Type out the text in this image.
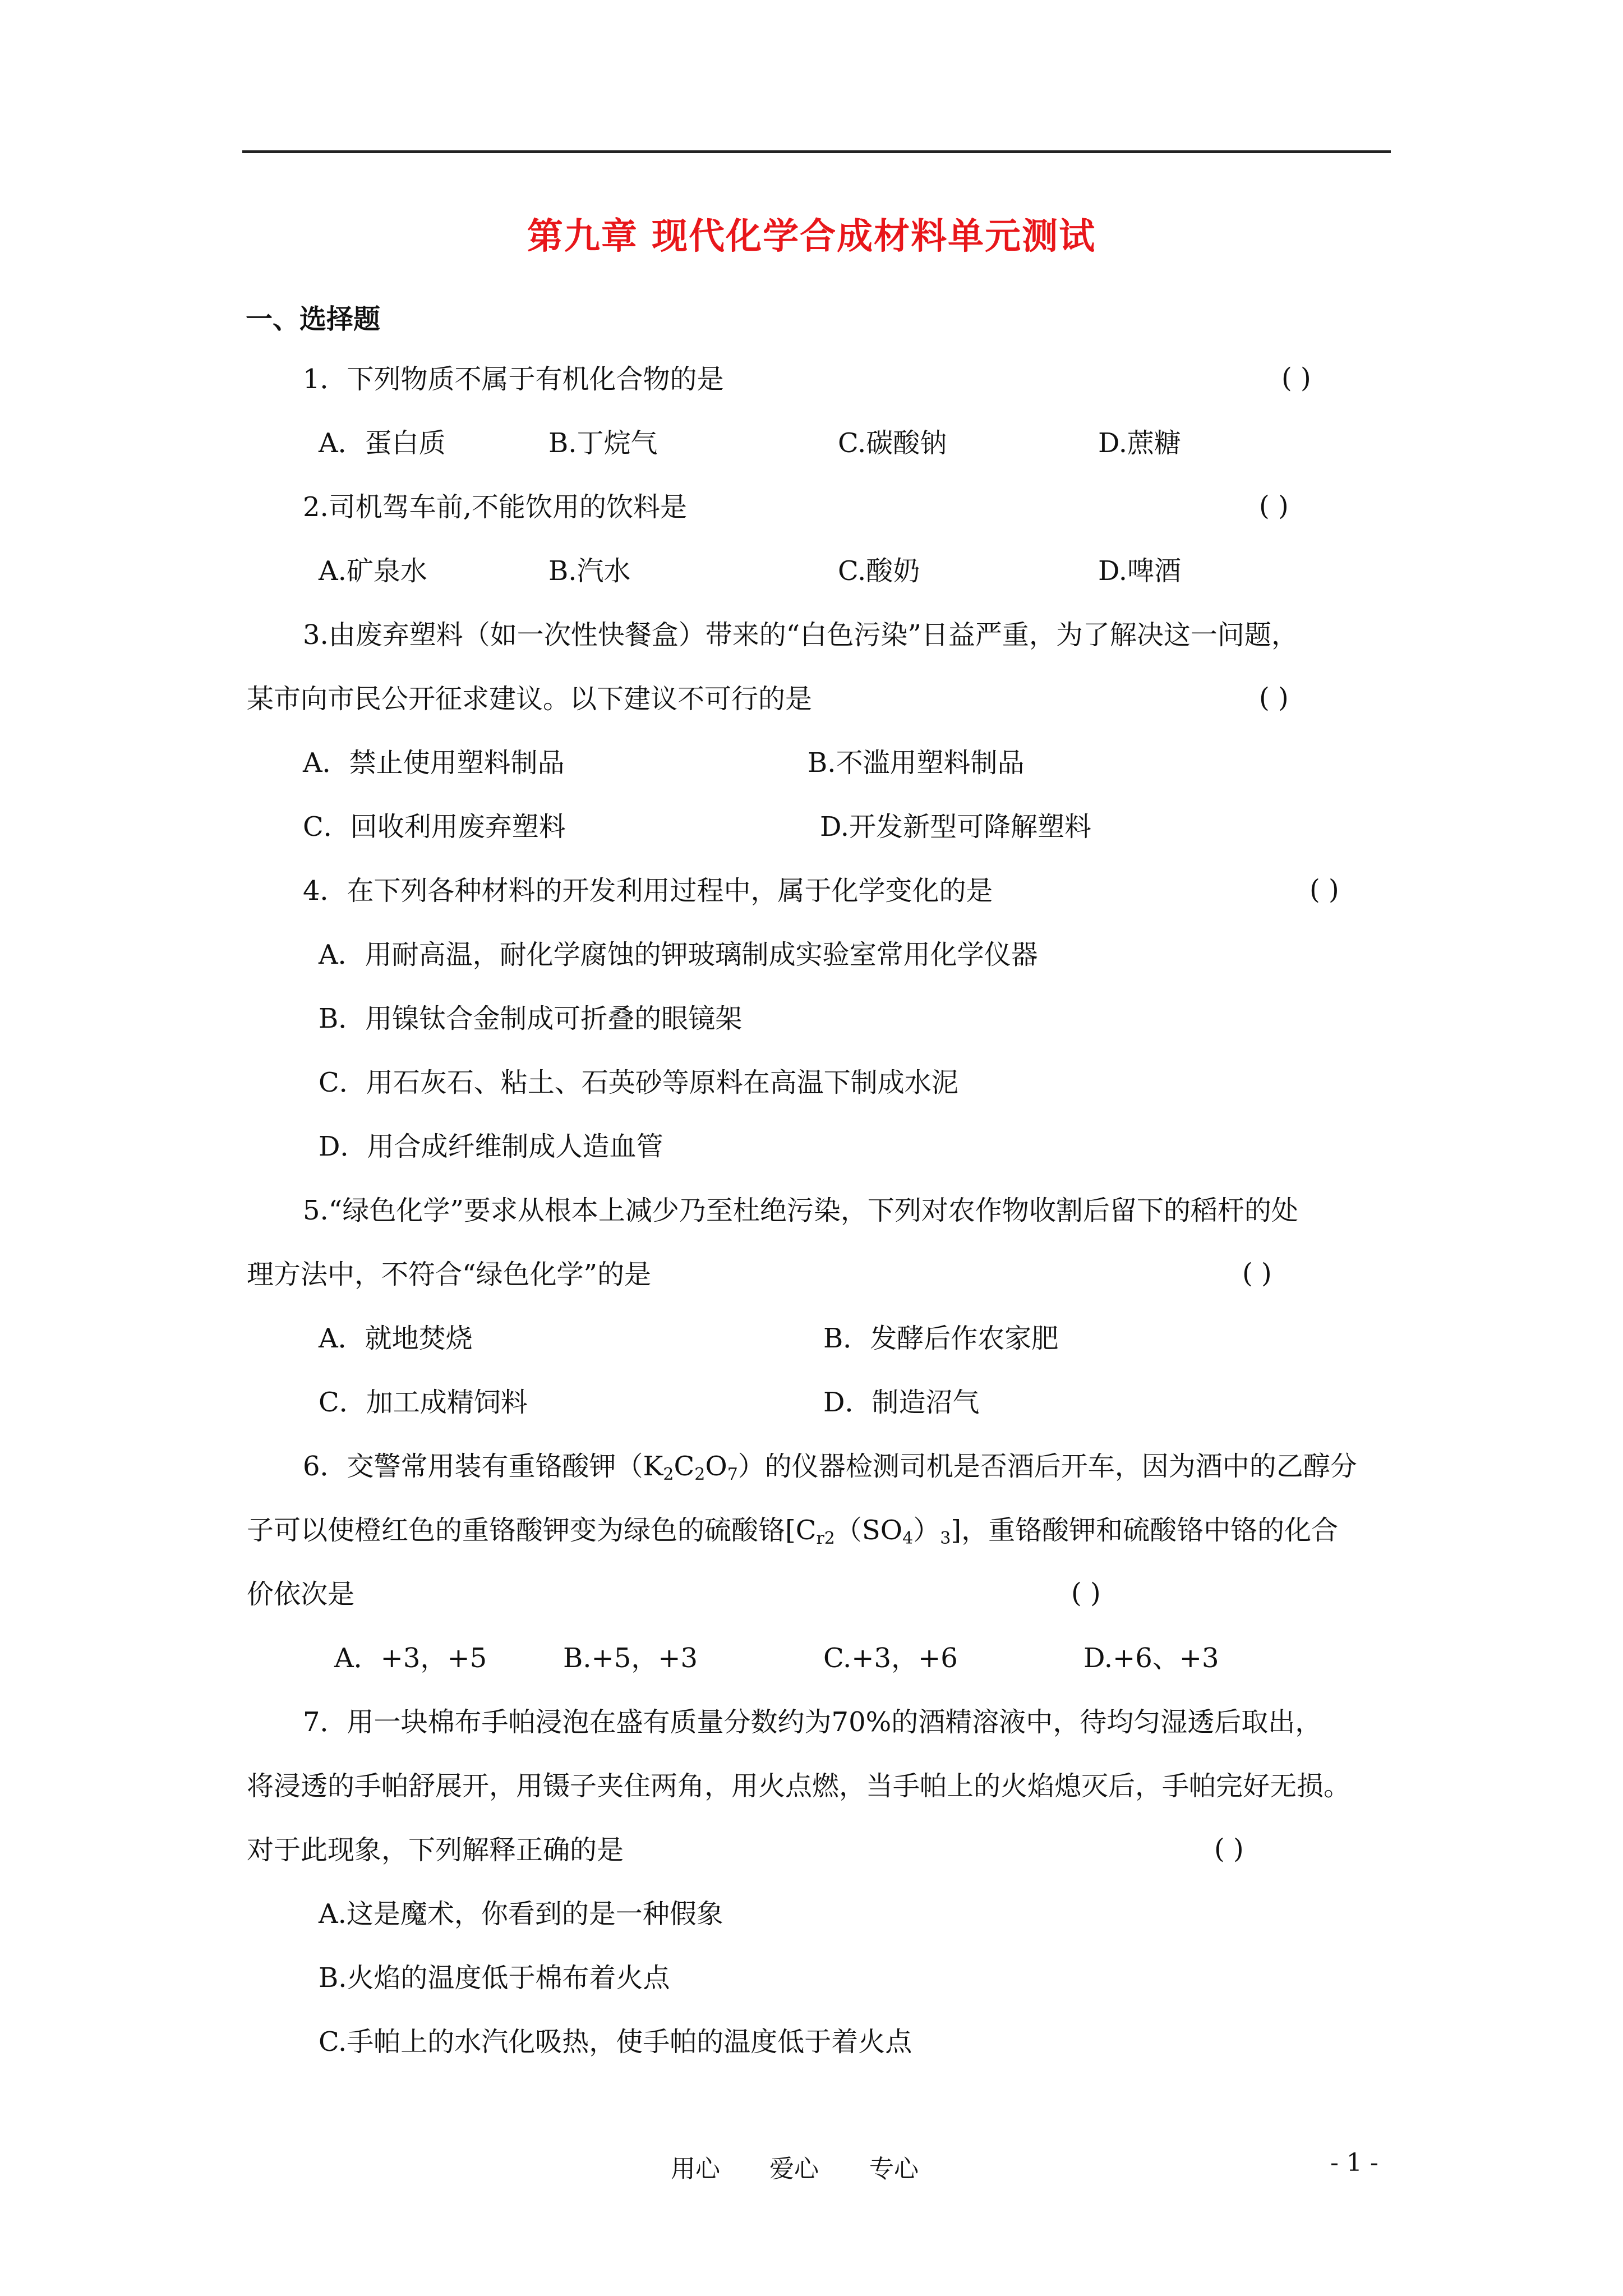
第九章 现代化学合成材料单元测试
一、选择题
1．下列物质不属于有机化合物的是	( )
A．蛋白质	B.丁烷气	C.碳酸钠	D.蔗糖
2.司机驾车前,不能饮用的饮料是	( )
A.矿泉水	B.汽水	C.酸奶	D.啤酒
3.由废弃塑料（如一次性快餐盒）带来的“白色污染”日益严重，为了解决这一问题，
某市向市民公开征求建议。以下建议不可行的是	( )
A．禁止使用塑料制品	B.不滥用塑料制品
C．回收利用废弃塑料	D.开发新型可降解塑料
4．在下列各种材料的开发利用过程中，属于化学变化的是	( )
A．用耐高温，耐化学腐蚀的钾玻璃制成实验室常用化学仪器
B．用镍钛合金制成可折叠的眼镜架
C．用石灰石、粘土、石英砂等原料在高温下制成水泥
D．用合成纤维制成人造血管
5.“绿色化学”要求从根本上减少乃至杜绝污染，下列对农作物收割后留下的稻杆的处
理方法中，不符合“绿色化学”的是	( )
A．就地焚烧	B．发酵后作农家肥
C．加工成精饲料	D．制造沼气
6．交警常用装有重铬酸钾$(K_2C_2O_7)$的仪器检测司机是否酒后开车，因为酒中的乙醇分
子可以使橙红色的重铬酸钾变为绿色的硫酸铬$[C_{r2}(SO_4)_3]$，重铬酸钾和硫酸铬中铬的化合
价依次是	( )
A．+3，+5	B.+5，+3	C.+3，+6	D.+6、+3
7．用一块棉布手帕浸泡在盛有质量分数约为70%的酒精溶液中，待均匀湿透后取出，
将浸透的手帕舒展开，用镊子夹住两角，用火点燃，当手帕上的火焰熄灭后，手帕完好无损。
对于此现象，下列解释正确的是	( )
A.这是魔术，你看到的是一种假象
B.火焰的温度低于棉布着火点
C.手帕上的水汽化吸热，使手帕的温度低于着火点
用心 爱心 专心	- 1 -
